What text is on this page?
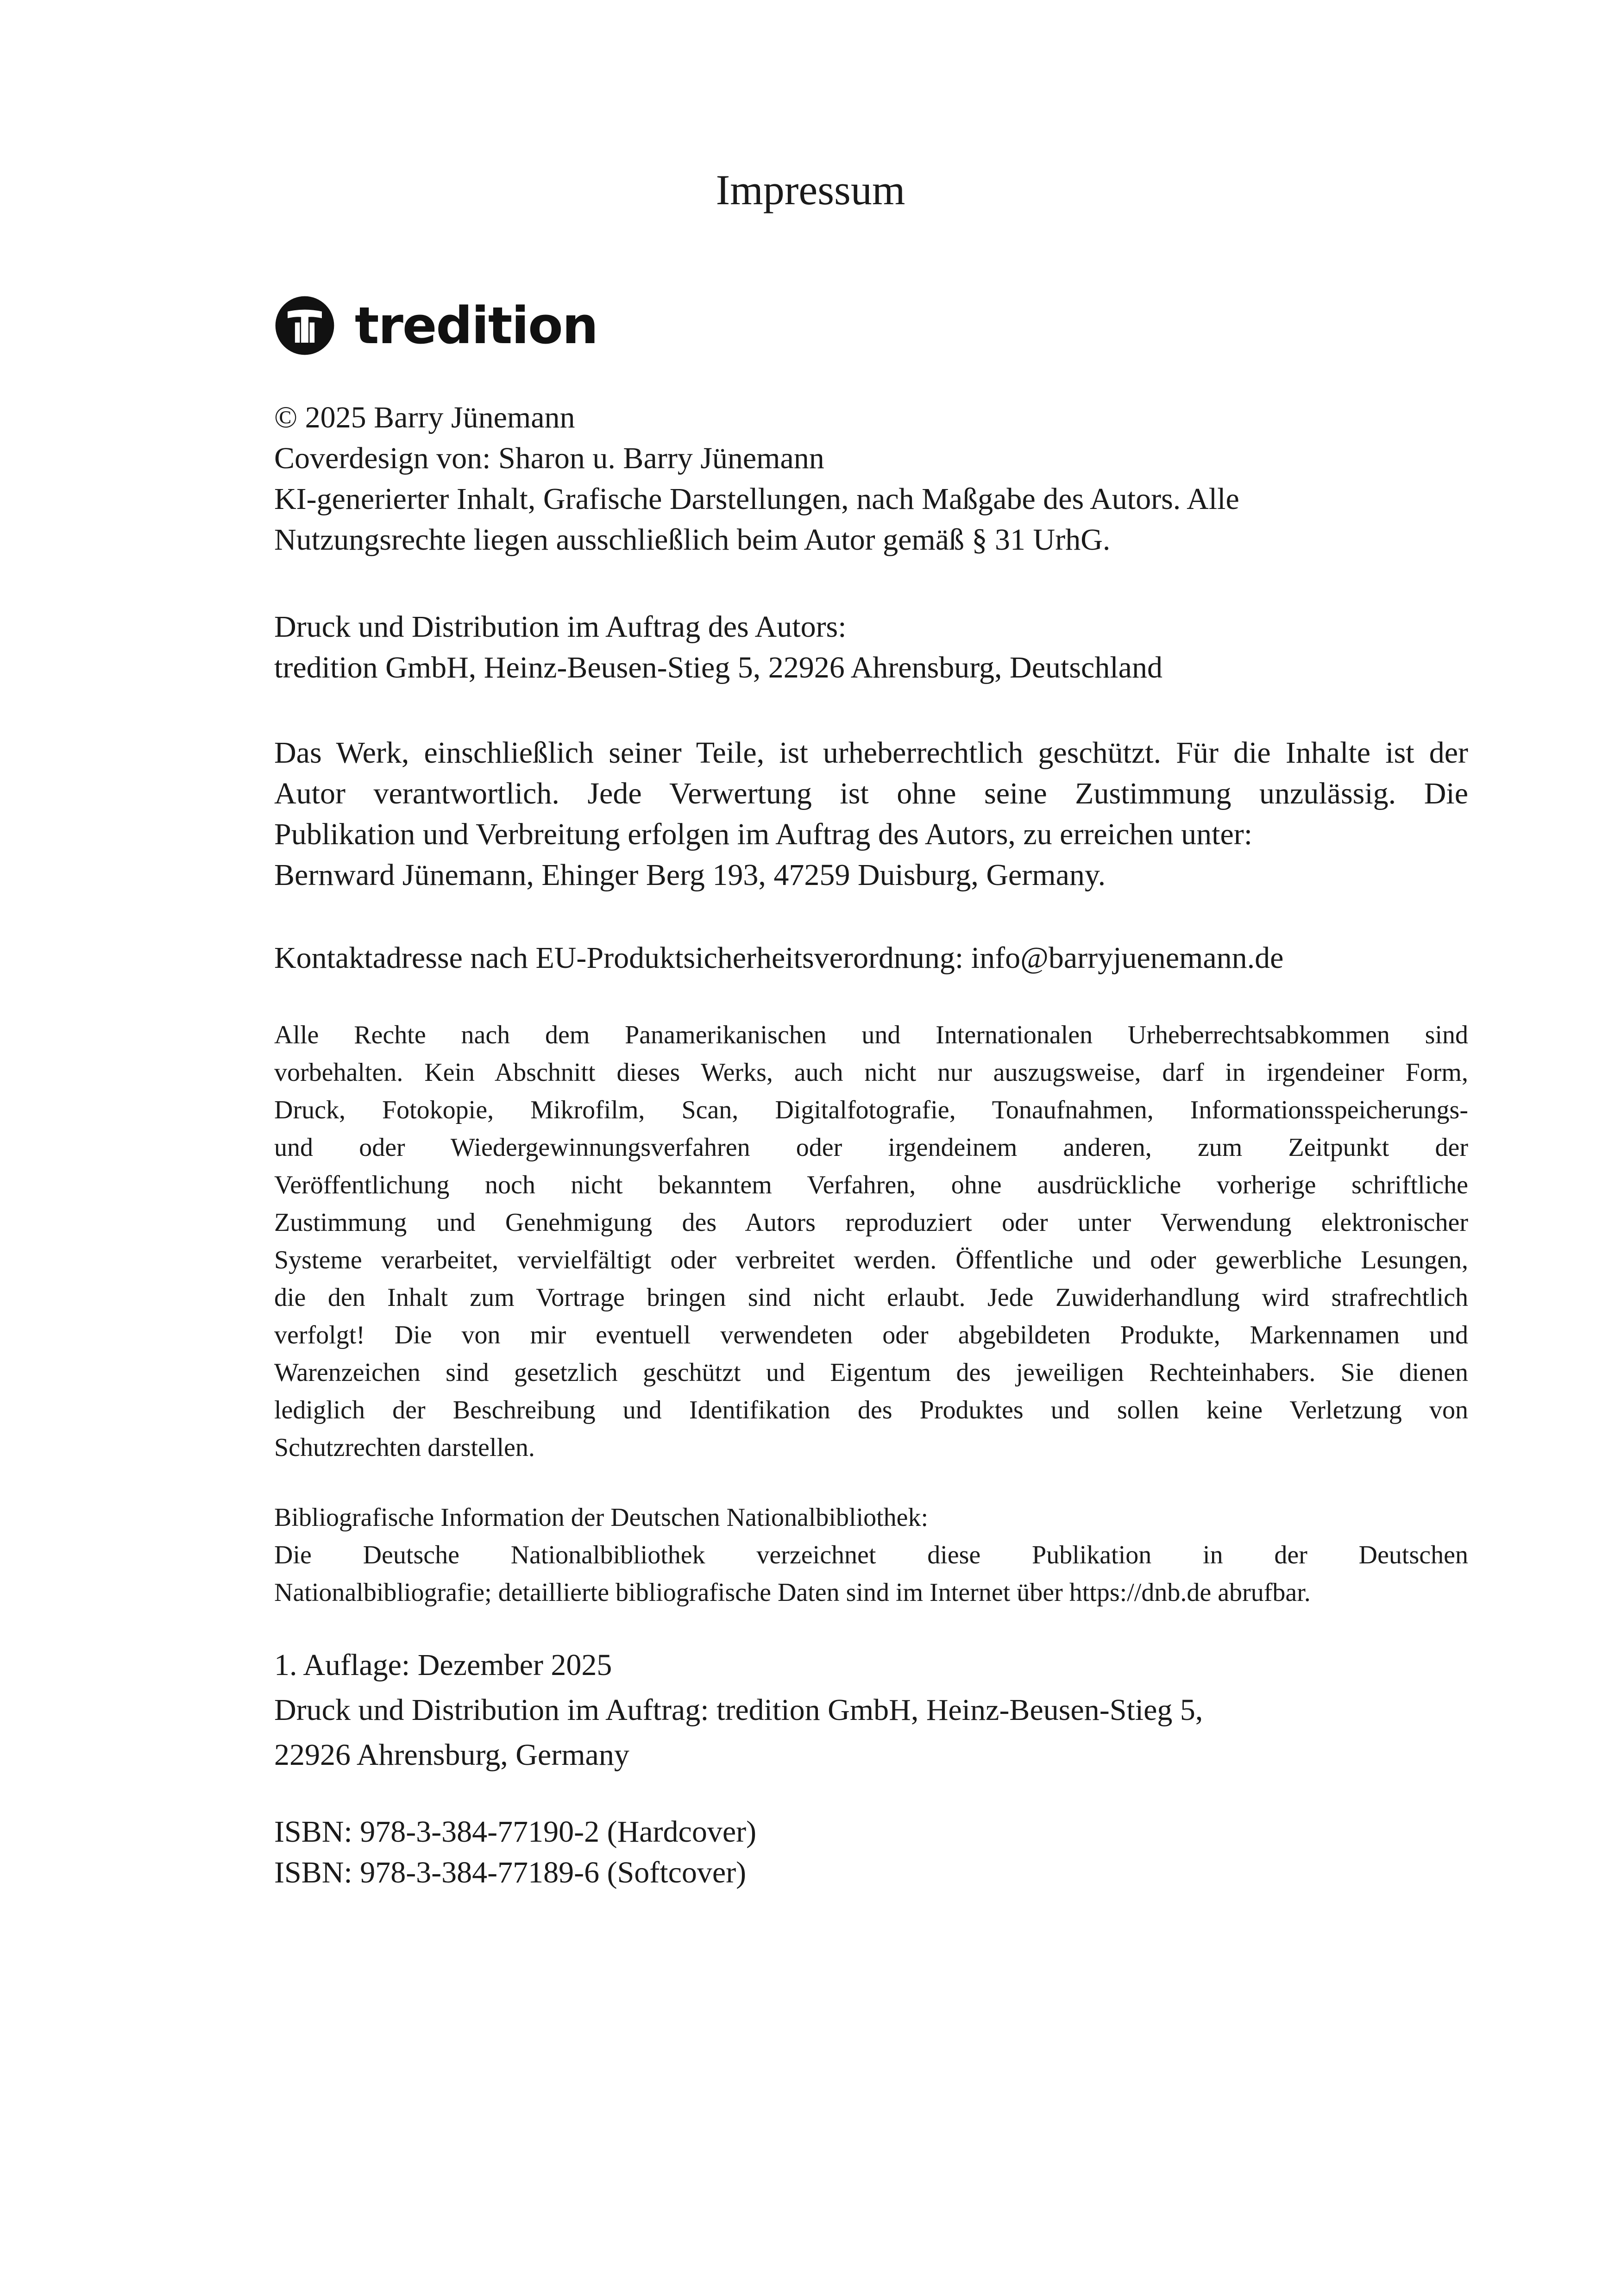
Impressum
tredition
© 2025 Barry Jünemann
Coverdesign von: Sharon u. Barry Jünemann
KI-generierter Inhalt, Grafische Darstellungen, nach Maßgabe des Autors. Alle
Nutzungsrechte liegen ausschließlich beim Autor gemäß § 31 UrhG.
Druck und Distribution im Auftrag des Autors:
tredition GmbH, Heinz-Beusen-Stieg 5, 22926 Ahrensburg, Deutschland
Das Werk, einschließlich seiner Teile, ist urheberrechtlich geschützt. Für die Inhalte ist der
Autor verantwortlich. Jede Verwertung ist ohne seine Zustimmung unzulässig. Die
Publikation und Verbreitung erfolgen im Auftrag des Autors, zu erreichen unter:
Bernward Jünemann, Ehinger Berg 193, 47259 Duisburg, Germany.
Kontaktadresse nach EU-Produktsicherheitsverordnung: info@barryjuenemann.de
Alle Rechte nach dem Panamerikanischen und Internationalen Urheberrechtsabkommen sind
vorbehalten. Kein Abschnitt dieses Werks, auch nicht nur auszugsweise, darf in irgendeiner Form,
Druck, Fotokopie, Mikrofilm, Scan, Digitalfotografie, Tonaufnahmen, Informationsspeicherungs-
und oder Wiedergewinnungsverfahren oder irgendeinem anderen, zum Zeitpunkt der
Veröffentlichung noch nicht bekanntem Verfahren, ohne ausdrückliche vorherige schriftliche
Zustimmung und Genehmigung des Autors reproduziert oder unter Verwendung elektronischer
Systeme verarbeitet, vervielfältigt oder verbreitet werden. Öffentliche und oder gewerbliche Lesungen,
die den Inhalt zum Vortrage bringen sind nicht erlaubt. Jede Zuwiderhandlung wird strafrechtlich
verfolgt! Die von mir eventuell verwendeten oder abgebildeten Produkte, Markennamen und
Warenzeichen sind gesetzlich geschützt und Eigentum des jeweiligen Rechteinhabers. Sie dienen
lediglich der Beschreibung und Identifikation des Produktes und sollen keine Verletzung von
Schutzrechten darstellen.
Bibliografische Information der Deutschen Nationalbibliothek:
Die Deutsche Nationalbibliothek verzeichnet diese Publikation in der Deutschen
Nationalbibliografie; detaillierte bibliografische Daten sind im Internet über https://dnb.de abrufbar.
1. Auflage: Dezember 2025
Druck und Distribution im Auftrag: tredition GmbH, Heinz-Beusen-Stieg 5,
22926 Ahrensburg, Germany
ISBN: 978-3-384-77190-2 (Hardcover)
ISBN: 978-3-384-77189-6 (Softcover)
